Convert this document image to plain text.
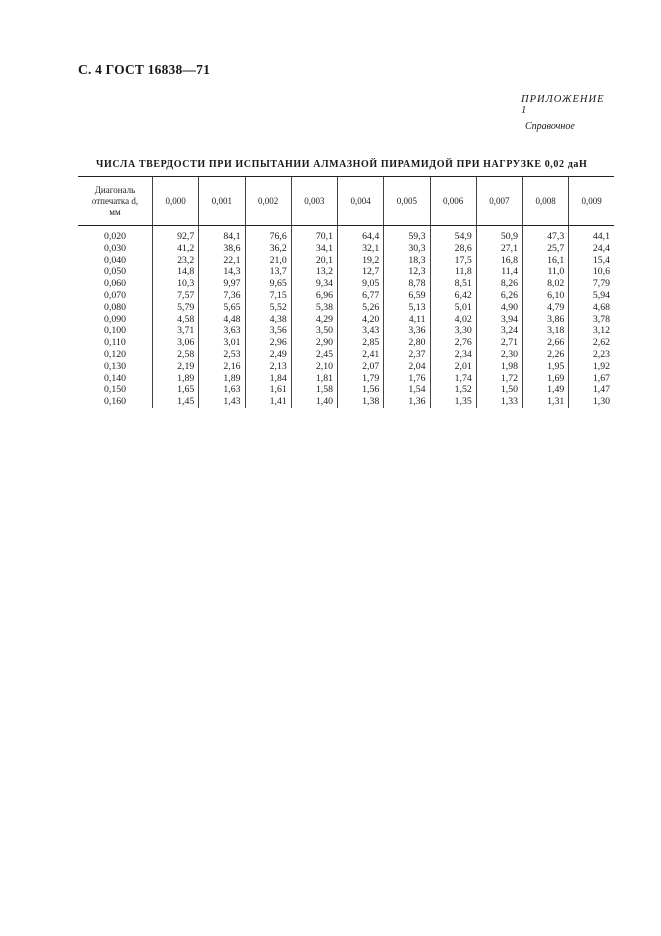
С. 4 ГОСТ 16838—71
ПРИЛОЖЕНИЕ 1
Справочное
ЧИСЛА ТВЕРДОСТИ ПРИ ИСПЫТАНИИ АЛМАЗНОЙ ПИРАМИДОЙ ПРИ НАГРУЗКЕ 0,02 даН
Диагональ
отпечатка d,
мм	0,000	0,001	0,002	0,003	0,004	0,005	0,006	0,007	0,008	0,009
0,020	92,7	84,1	76,6	70,1	64,4	59,3	54,9	50,9	47,3	44,1
0,030	41,2	38,6	36,2	34,1	32,1	30,3	28,6	27,1	25,7	24,4
0,040	23,2	22,1	21,0	20,1	19,2	18,3	17,5	16,8	16,1	15,4
0,050	14,8	14,3	13,7	13,2	12,7	12,3	11,8	11,4	11,0	10,6
0,060	10,3	9,97	9,65	9,34	9,05	8,78	8,51	8,26	8,02	7,79
0,070	7,57	7,36	7,15	6,96	6,77	6,59	6,42	6,26	6,10	5,94
0,080	5,79	5,65	5,52	5,38	5,26	5,13	5,01	4,90	4,79	4,68
0,090	4,58	4,48	4,38	4,29	4,20	4,11	4,02	3,94	3,86	3,78
0,100	3,71	3,63	3,56	3,50	3,43	3,36	3,30	3,24	3,18	3,12
0,110	3,06	3,01	2,96	2,90	2,85	2,80	2,76	2,71	2,66	2,62
0,120	2,58	2,53	2,49	2,45	2,41	2,37	2,34	2,30	2,26	2,23
0,130	2,19	2,16	2,13	2,10	2,07	2,04	2,01	1,98	1,95	1,92
0,140	1,89	1,89	1,84	1,81	1,79	1,76	1,74	1,72	1,69	1,67
0,150	1,65	1,63	1,61	1,58	1,56	1,54	1,52	1,50	1,49	1,47
0,160	1,45	1,43	1,41	1,40	1,38	1,36	1,35	1,33	1,31	1,30
